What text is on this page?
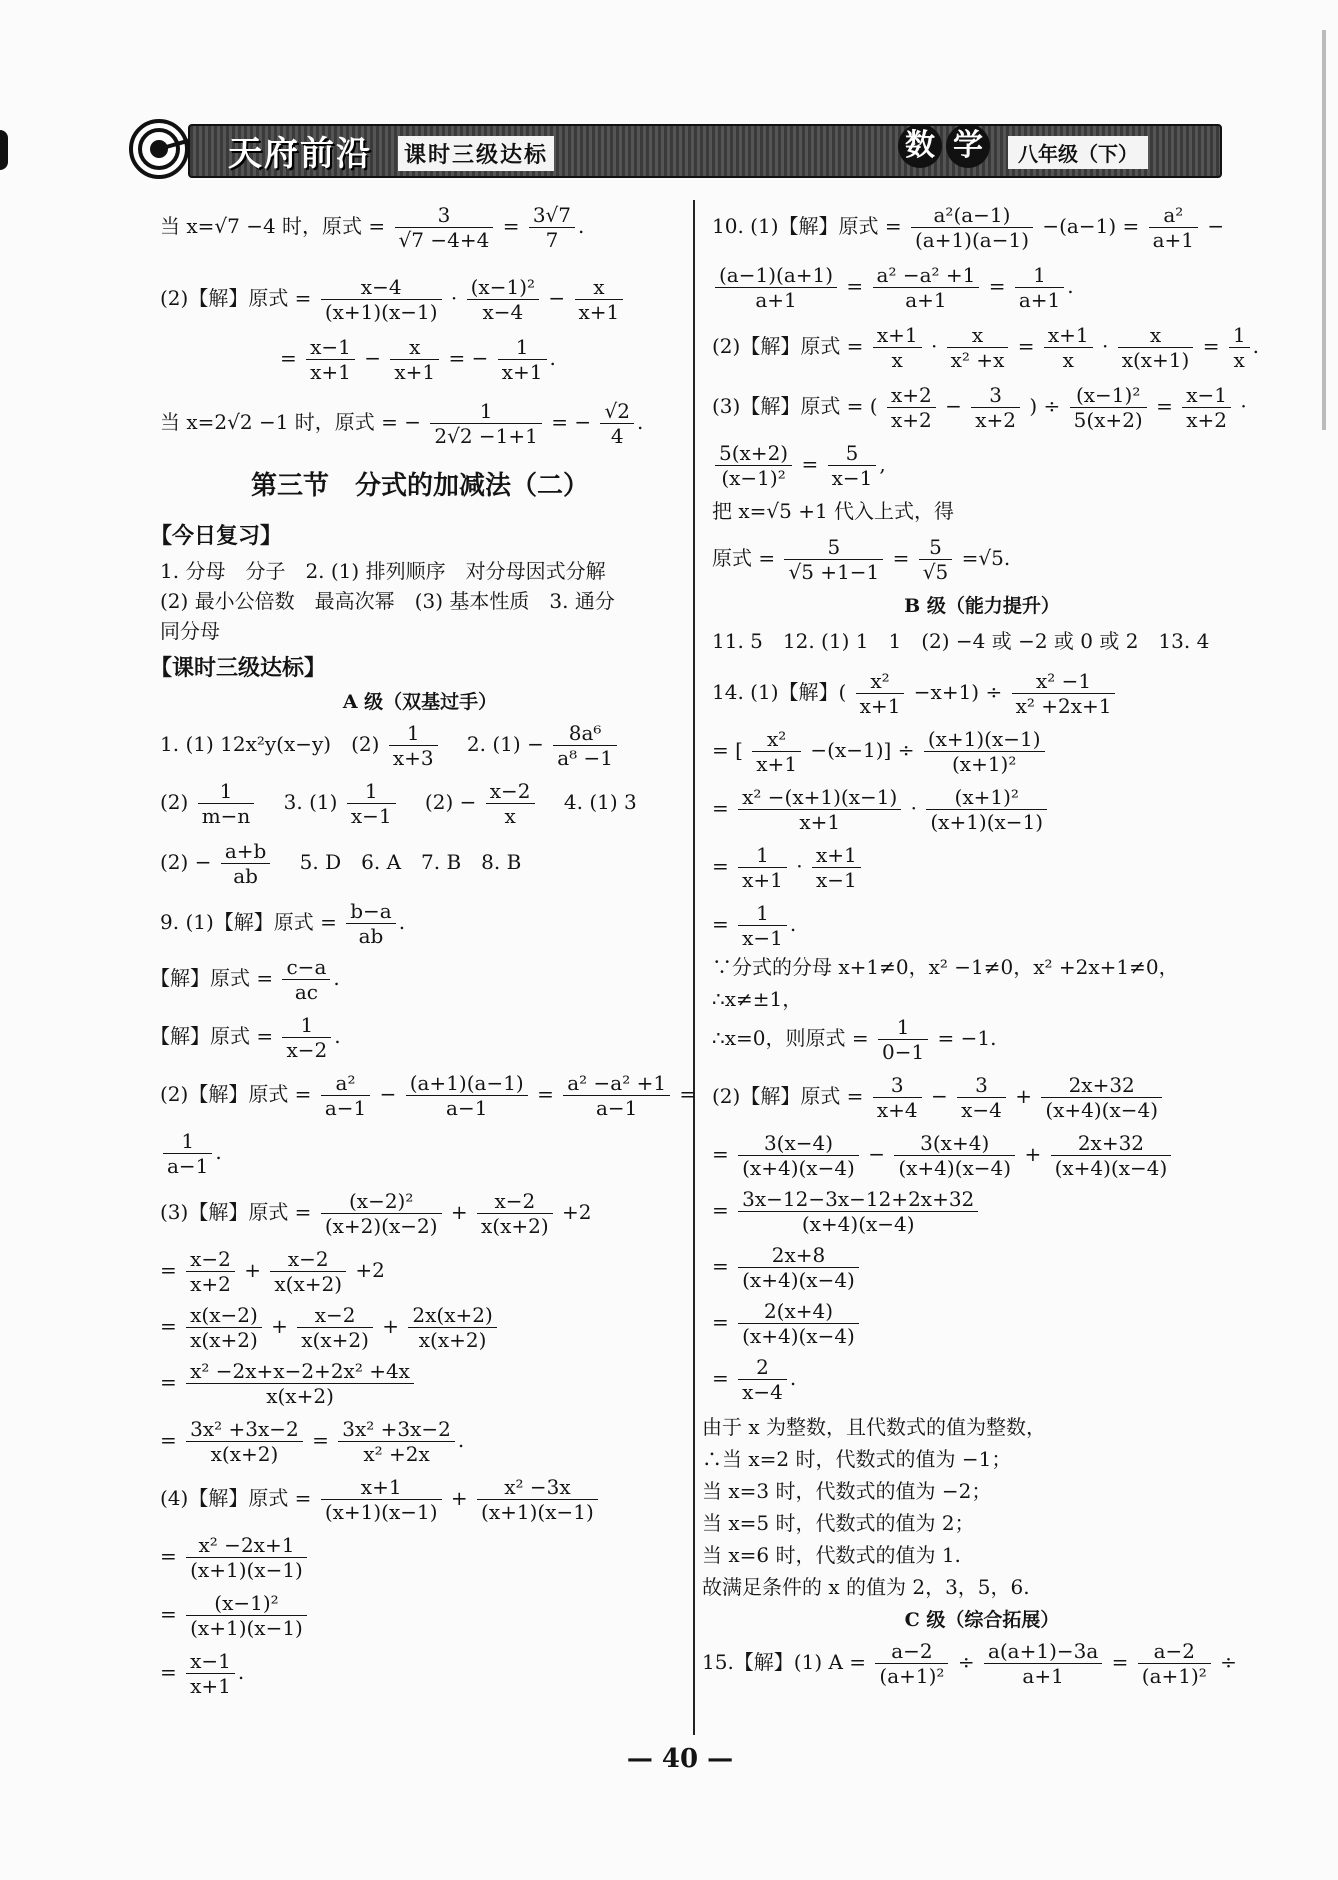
天府前沿 课时三级达标	数 学	八年级（下）
当 x=√7 −4 时，原式 = $\frac{3}{√7 -4+4} = \frac{3√7}{7}$ .
(2)【解】原式 = $\frac{x-4}{(x+1)(x-1)} \cdot \frac{\text{(x−1)²}}{x-4} - \frac{x}{x+1}$
= $\frac{x-1}{x+1} - \frac{x}{x+1}$ = − $\frac{1}{x+1}$ .
当 x=2√2 −1 时，原式 = − $\frac{1}{2√2 -1+1}$ = − $\frac{√2}{4}$ .
第三节　分式的加减法（二）
【今日复习】
1. 分母　分子　2. (1) 排列顺序　对分母因式分解
(2) 最小公倍数　最高次幂　(3) 基本性质　3. 通分
同分母
【课时三级达标】
A 级（双基过手）
1. (1) 12x²y(x−y)　$(2) \frac{1}{x+3}$ 　2. $(1) - \frac{\text{8a⁶}}{\text{a⁸ −1}}$
$(2) \frac{1}{m-n}$ 　3. $(1) \frac{1}{x-1}$ 　$(2) - \frac{x-2}{x}$ 　4. (1) 3
$(2) - \frac{a+b}{ab}$ 　5. D　6. A　7. B　8. B
9. (1)【解】原式 = $\frac{b-a}{ab}$ .
【解】原式 = $\frac{c-a}{ac}$ .
【解】原式 = $\frac{1}{x-2}$ .
(2)【解】原式 = $\frac{\text{a²}}{a-1} - \frac{(a+1)(a-1)}{a-1} = \frac{\text{a² −a² +1}}{a-1}$ =
$\frac{1}{a-1}$ .
(3)【解】原式 = $\frac{\text{(x−2)²}}{(x+2)(x-2)} + \frac{x-2}{x(x+2)} +2$
= $\frac{x-2}{x+2} + \frac{x-2}{x(x+2)} +2$
= $\frac{x(x-2)}{x(x+2)} + \frac{x-2}{x(x+2)} + \frac{2x(x+2)}{x(x+2)}$
= $\frac{\text{x² −2x+x−2+2x² +4x}}{x(x+2)}$
= $\frac{\text{3x² +3x−2}}{x(x+2)} = \frac{\text{3x² +3x−2}}{\text{x² +2x}}$ .
(4)【解】原式 = $\frac{x+1}{(x+1)(x-1)} + \frac{\text{x² −3x}}{(x+1)(x-1)}$
= $\frac{\text{x² −2x+1}}{(x+1)(x-1)}$
= $\frac{\text{(x−1)²}}{(x+1)(x-1)}$
= $\frac{x-1}{x+1}$ .
10. (1)【解】原式 = $\frac{\text{a²(a−1)}}{(a+1)(a-1)} -(a-1) = \frac{\text{a²}}{a+1}$ −
$\frac{(a-1)(a+1)}{a+1} = \frac{\text{a² −a² +1}}{a+1} = \frac{1}{a+1}$ .
(2)【解】原式 = $\frac{x+1}{x} \cdot \frac{x}{\text{x² +x}} = \frac{x+1}{x} \cdot \frac{x}{x(x+1)} = \frac{1}{x}$ .
(3)【解】原式 = ( $\frac{x+2}{x+2} - \frac{3}{x+2}$ ) ÷ $\frac{\text{(x−1)²}}{5(x+2)} = \frac{x-1}{x+2}$ ·
$\frac{5(x+2)}{\text{(x−1)²}} = \frac{5}{x-1}$ ,
把 x=√5 +1 代入上式，得
原式 = $\frac{5}{√5 +1-1} = \frac{5}{√5} =√5$.
B 级（能力提升）
11. 5　12. (1) 1　1　(2) −4 或 −2 或 0 或 2　13. 4
14. (1)【解】( $\frac{\text{x²}}{x+1} -x+1) \div \frac{\text{x² −1}}{\text{x² +2x+1}}$
= [ $\frac{\text{x²}}{x+1} -(x-1)] \div \frac{(x+1)(x-1)}{\text{(x+1)²}}$
= $\frac{\text{x² −(x+1)(x−1)}}{x+1} \cdot \frac{\text{(x+1)²}}{(x+1)(x-1)}$
= $\frac{1}{x+1} \cdot \frac{x+1}{x-1}$
= $\frac{1}{x-1}$ .
∵分式的分母 x+1≠0，x² −1≠0，x² +2x+1≠0，
∴x≠±1，
∴x=0，则原式 = $\frac{1}{0-1} = -1$.
(2)【解】原式 = $\frac{3}{x+4} - \frac{3}{x-4} + \frac{2x+32}{(x+4)(x-4)}$
= $\frac{3(x-4)}{(x+4)(x-4)} - \frac{3(x+4)}{(x+4)(x-4)} + \frac{2x+32}{(x+4)(x-4)}$
= $\frac{3x-12-3x-12+2x+32}{(x+4)(x-4)}$
= $\frac{2x+8}{(x+4)(x-4)}$
= $\frac{2(x+4)}{(x+4)(x-4)}$
= $\frac{2}{x-4}$ .
由于 x 为整数，且代数式的值为整数，
∴当 x=2 时，代数式的值为 −1；
当 x=3 时，代数式的值为 −2；
当 x=5 时，代数式的值为 2；
当 x=6 时，代数式的值为 1.
故满足条件的 x 的值为 2，3，5，6.
C 级（综合拓展）
15.【解】(1) $A = \frac{a-2}{\text{(a+1)²}} \div \frac{a(a+1)-3a}{a+1} = \frac{a-2}{\text{(a+1)²}}$ ÷
— 40 —
